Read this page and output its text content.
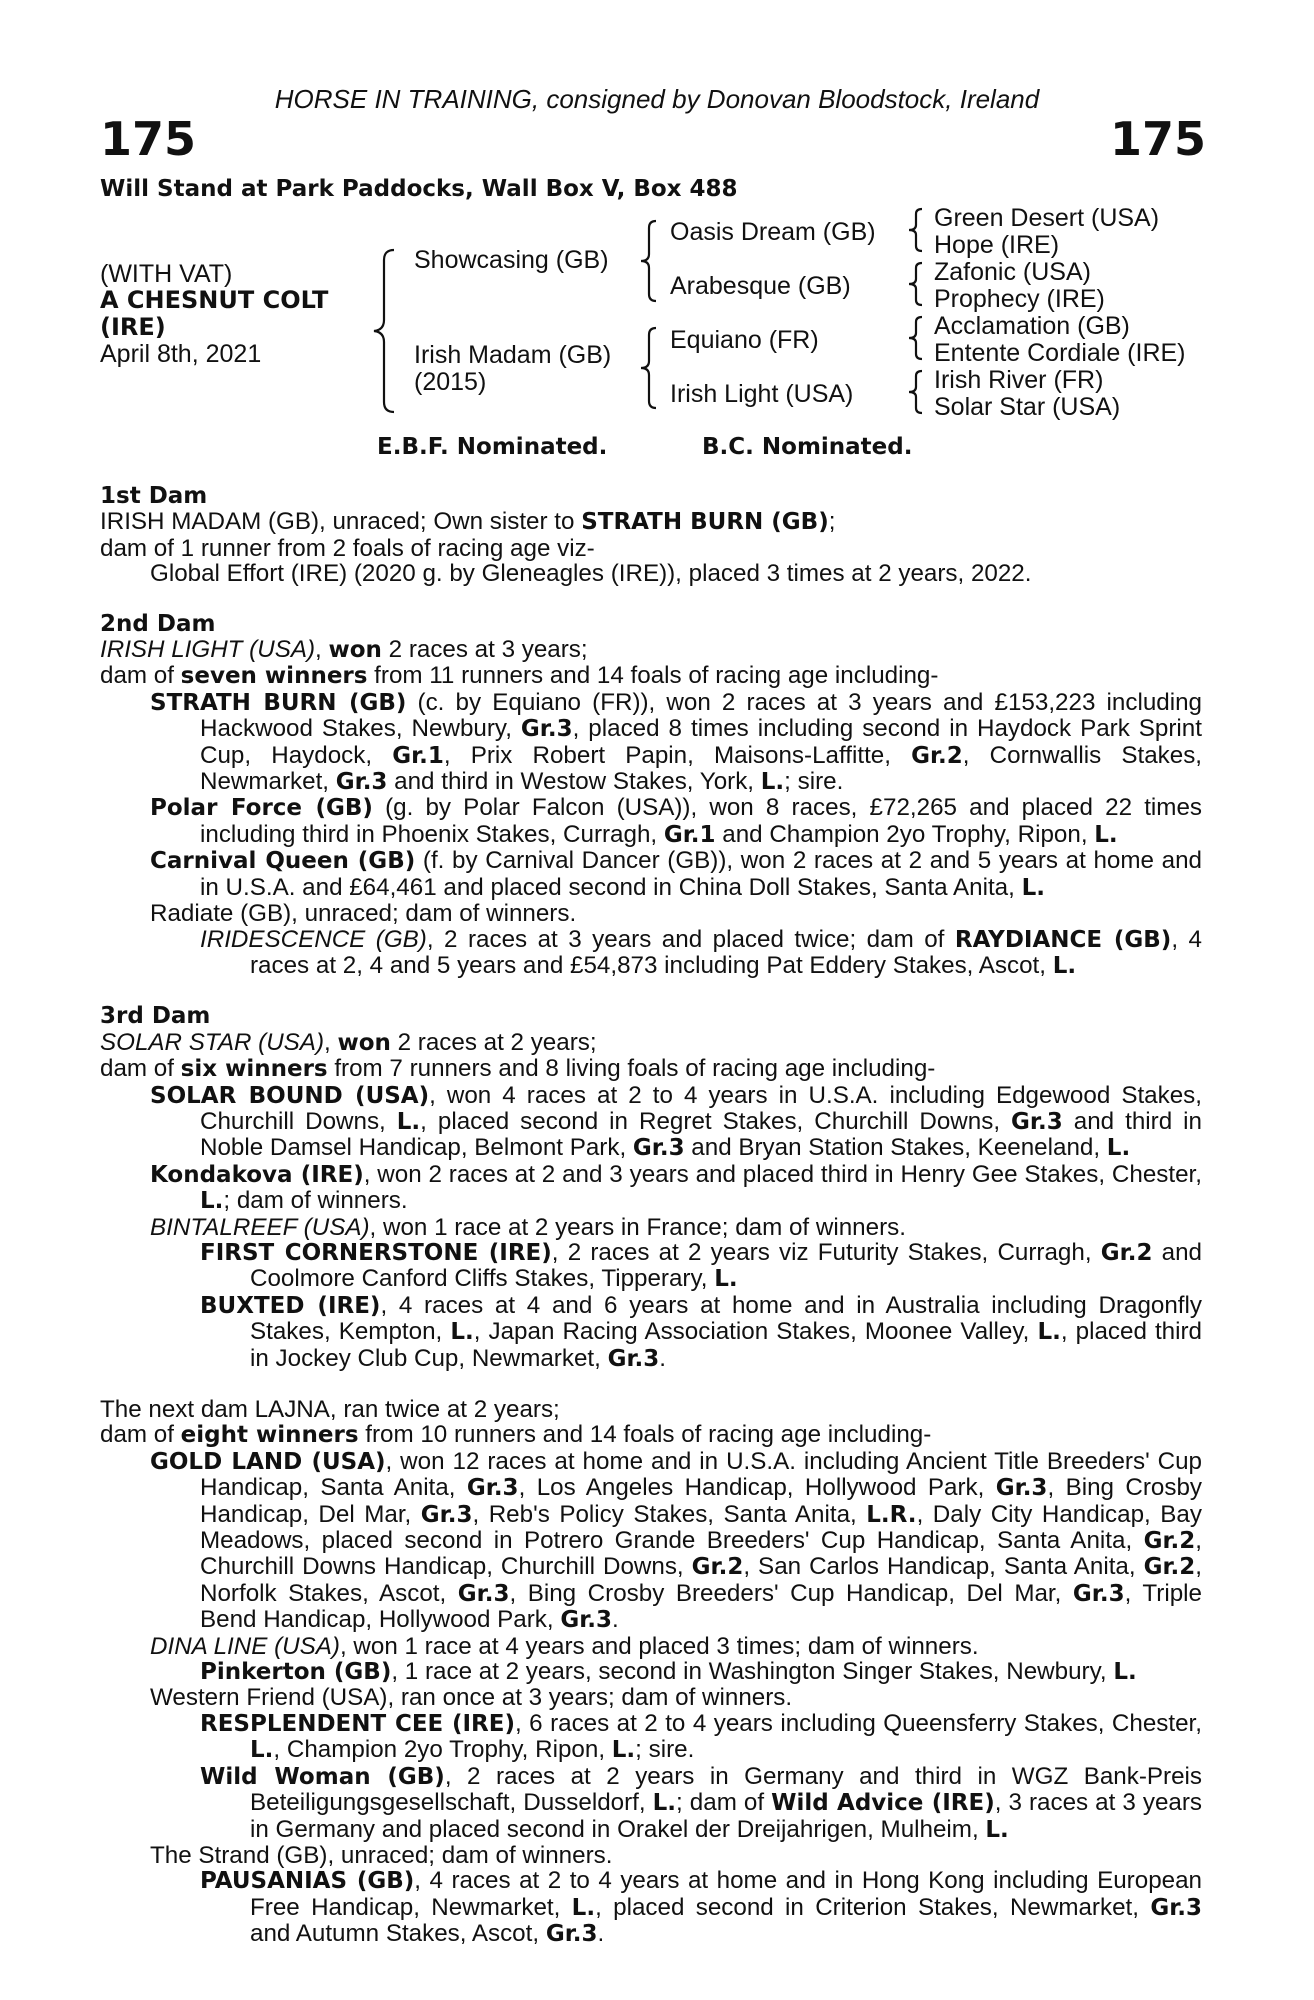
HORSE IN TRAINING, consigned by Donovan Bloodstock, Ireland
175	175
Will Stand at Park Paddocks, Wall Box V, Box 488
(WITH VAT)
A CHESNUT COLT
(IRE)
April 8th, 2021
Showcasing (GB)
Irish Madam (GB)
(2015)
Oasis Dream (GB)
Arabesque (GB)
Equiano (FR)
Irish Light (USA)
Green Desert (USA)
Hope (IRE)
Zafonic (USA)
Prophecy (IRE)
Acclamation (GB)
Entente Cordiale (IRE)
Irish River (FR)
Solar Star (USA)
E.B.F. Nominated.	B.C. Nominated.
1st Dam
IRISH MADAM (GB), unraced; Own sister to STRATH BURN (GB);
dam of 1 runner from 2 foals of racing age viz-
Global Effort (IRE) (2020 g. by Gleneagles (IRE)), placed 3 times at 2 years, 2022.
2nd Dam
IRISH LIGHT (USA), won 2 races at 3 years;
dam of seven winners from 11 runners and 14 foals of racing age including-
STRATH BURN (GB) (c. by Equiano (FR)), won 2 races at 3 years and £153,223 including Hackwood Stakes, Newbury, Gr.3, placed 8 times including second in Haydock Park Sprint Cup, Haydock, Gr.1, Prix Robert Papin, Maisons-Laffitte, Gr.2, Cornwallis Stakes, Newmarket, Gr.3 and third in Westow Stakes, York, L.; sire.
Polar Force (GB) (g. by Polar Falcon (USA)), won 8 races, £72,265 and placed 22 times including third in Phoenix Stakes, Curragh, Gr.1 and Champion 2yo Trophy, Ripon, L.
Carnival Queen (GB) (f. by Carnival Dancer (GB)), won 2 races at 2 and 5 years at home and in U.S.A. and £64,461 and placed second in China Doll Stakes, Santa Anita, L.
Radiate (GB), unraced; dam of winners.
IRIDESCENCE (GB), 2 races at 3 years and placed twice; dam of RAYDIANCE (GB), 4 races at 2, 4 and 5 years and £54,873 including Pat Eddery Stakes, Ascot, L.
3rd Dam
SOLAR STAR (USA), won 2 races at 2 years;
dam of six winners from 7 runners and 8 living foals of racing age including-
SOLAR BOUND (USA), won 4 races at 2 to 4 years in U.S.A. including Edgewood Stakes, Churchill Downs, L., placed second in Regret Stakes, Churchill Downs, Gr.3 and third in Noble Damsel Handicap, Belmont Park, Gr.3 and Bryan Station Stakes, Keeneland, L.
Kondakova (IRE), won 2 races at 2 and 3 years and placed third in Henry Gee Stakes, Chester, L.; dam of winners.
BINTALREEF (USA), won 1 race at 2 years in France; dam of winners.
FIRST CORNERSTONE (IRE), 2 races at 2 years viz Futurity Stakes, Curragh, Gr.2 and Coolmore Canford Cliffs Stakes, Tipperary, L.
BUXTED (IRE), 4 races at 4 and 6 years at home and in Australia including Dragonfly Stakes, Kempton, L., Japan Racing Association Stakes, Moonee Valley, L., placed third in Jockey Club Cup, Newmarket, Gr.3.
The next dam LAJNA, ran twice at 2 years;
dam of eight winners from 10 runners and 14 foals of racing age including-
GOLD LAND (USA), won 12 races at home and in U.S.A. including Ancient Title Breeders' Cup Handicap, Santa Anita, Gr.3, Los Angeles Handicap, Hollywood Park, Gr.3, Bing Crosby Handicap, Del Mar, Gr.3, Reb's Policy Stakes, Santa Anita, L.R., Daly City Handicap, Bay Meadows, placed second in Potrero Grande Breeders' Cup Handicap, Santa Anita, Gr.2, Churchill Downs Handicap, Churchill Downs, Gr.2, San Carlos Handicap, Santa Anita, Gr.2, Norfolk Stakes, Ascot, Gr.3, Bing Crosby Breeders' Cup Handicap, Del Mar, Gr.3, Triple Bend Handicap, Hollywood Park, Gr.3.
DINA LINE (USA), won 1 race at 4 years and placed 3 times; dam of winners.
Pinkerton (GB), 1 race at 2 years, second in Washington Singer Stakes, Newbury, L.
Western Friend (USA), ran once at 3 years; dam of winners.
RESPLENDENT CEE (IRE), 6 races at 2 to 4 years including Queensferry Stakes, Chester, L., Champion 2yo Trophy, Ripon, L.; sire.
Wild Woman (GB), 2 races at 2 years in Germany and third in WGZ Bank-Preis Beteiligungsgesellschaft, Dusseldorf, L.; dam of Wild Advice (IRE), 3 races at 3 years in Germany and placed second in Orakel der Dreijahrigen, Mulheim, L.
The Strand (GB), unraced; dam of winners.
PAUSANIAS (GB), 4 races at 2 to 4 years at home and in Hong Kong including European Free Handicap, Newmarket, L., placed second in Criterion Stakes, Newmarket, Gr.3 and Autumn Stakes, Ascot, Gr.3.
